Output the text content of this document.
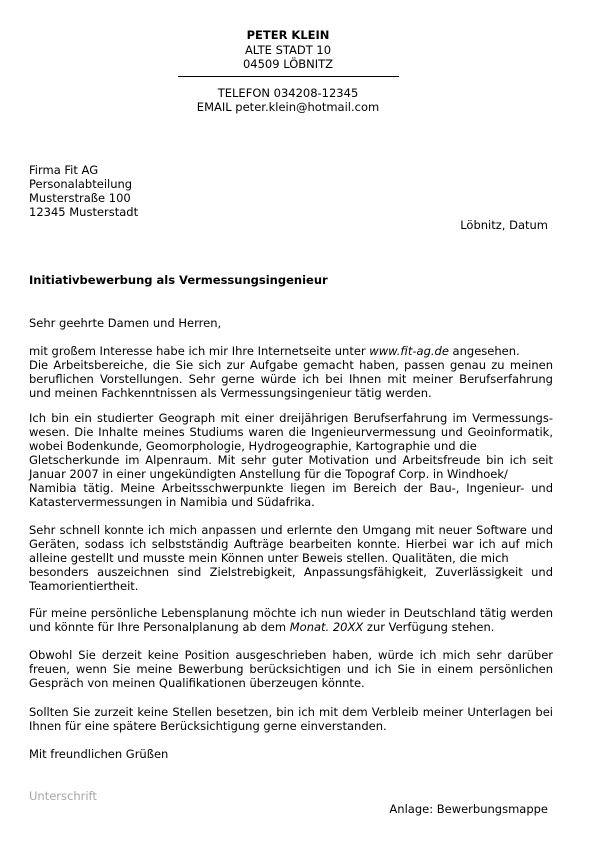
PETER KLEIN
ALTE STADT 10
04509 LÖBNITZ
TELEFON 034208-12345
EMAIL peter.klein@hotmail.com
Firma Fit AG
Personalabteilung
Musterstraße 100
12345 Musterstadt
Löbnitz, Datum
Initiativbewerbung als Vermessungsingenieur
Sehr geehrte Damen und Herren,
mit großem Interesse habe ich mir Ihre Internetseite unter www.fit-ag.de angesehen.
Die Arbeitsbereiche, die Sie sich zur Aufgabe gemacht haben, passen genau zu meinen
beruflichen Vorstellungen. Sehr gerne würde ich bei Ihnen mit meiner Berufserfahrung
und meinen Fachkenntnissen als Vermessungsingenieur tätig werden.
Ich bin ein studierter Geograph mit einer dreijährigen Berufserfahrung im Vermessungs-
wesen. Die Inhalte meines Studiums waren die Ingenieurvermessung und Geoinformatik,
wobei Bodenkunde, Geomorphologie, Hydrogeographie, Kartographie und die
Gletscherkunde im Alpenraum. Mit sehr guter Motivation und Arbeitsfreude bin ich seit
Januar 2007 in einer ungekündigten Anstellung für die Topograf Corp. in Windhoek/
Namibia tätig. Meine Arbeitsschwerpunkte liegen im Bereich der Bau-, Ingenieur- und
Katastervermessungen in Namibia und Südafrika.
Sehr schnell konnte ich mich anpassen und erlernte den Umgang mit neuer Software und
Geräten, sodass ich selbstständig Aufträge bearbeiten konnte. Hierbei war ich auf mich
alleine gestellt und musste mein Können unter Beweis stellen. Qualitäten, die mich
besonders auszeichnen sind Zielstrebigkeit, Anpassungsfähigkeit, Zuverlässigkeit und
Teamorientiertheit.
Für meine persönliche Lebensplanung möchte ich nun wieder in Deutschland tätig werden
und könnte für Ihre Personalplanung ab dem Monat. 20XX zur Verfügung stehen.
Obwohl Sie derzeit keine Position ausgeschrieben haben, würde ich mich sehr darüber
freuen, wenn Sie meine Bewerbung berücksichtigen und ich Sie in einem persönlichen
Gespräch von meinen Qualifikationen überzeugen könnte.
Sollten Sie zurzeit keine Stellen besetzen, bin ich mit dem Verbleib meiner Unterlagen bei
Ihnen für eine spätere Berücksichtigung gerne einverstanden.
Mit freundlichen Grüßen
Unterschrift
Anlage: Bewerbungsmappe
